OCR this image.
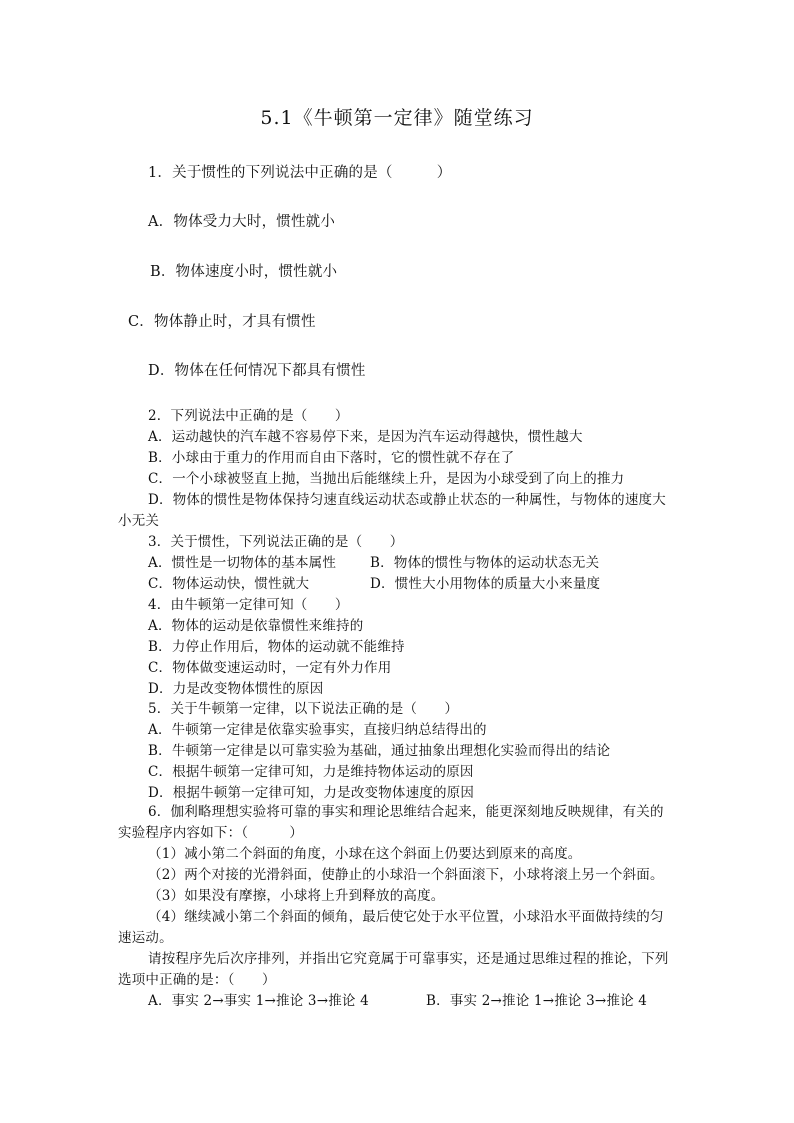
5.1《牛顿第一定律》随堂练习
1．关于惯性的下列说法中正确的是（　　　）
A．物体受力大时，惯性就小
B．物体速度小时，惯性就小
C．物体静止时，才具有惯性
D．物体在任何情况下都具有惯性
2．下列说法中正确的是（　　）
A．运动越快的汽车越不容易停下来，是因为汽车运动得越快，惯性越大
B．小球由于重力的作用而自由下落时，它的惯性就不存在了
C．一个小球被竖直上抛，当抛出后能继续上升，是因为小球受到了向上的推力
D．物体的惯性是物体保持匀速直线运动状态或静止状态的一种属性，与物体的速度大
小无关
3．关于惯性，下列说法正确的是（　　）
A．惯性是一切物体的基本属性	B．物体的惯性与物体的运动状态无关
C．物体运动快，惯性就大	D．惯性大小用物体的质量大小来量度
4．由牛顿第一定律可知（　　）
A．物体的运动是依靠惯性来维持的
B．力停止作用后，物体的运动就不能维持
C．物体做变速运动时，一定有外力作用
D．力是改变物体惯性的原因
5．关于牛顿第一定律，以下说法正确的是（　　）
A．牛顿第一定律是依靠实验事实，直接归纳总结得出的
B．牛顿第一定律是以可靠实验为基础，通过抽象出理想化实验而得出的结论
C．根据牛顿第一定律可知，力是维持物体运动的原因
D．根据牛顿第一定律可知，力是改变物体速度的原因
6．伽利略理想实验将可靠的事实和理论思维结合起来，能更深刻地反映规律，有关的
实验程序内容如下：（　　　）
（1）减小第二个斜面的角度，小球在这个斜面上仍要达到原来的高度。
（2）两个对接的光滑斜面，使静止的小球沿一个斜面滚下，小球将滚上另一个斜面。
（3）如果没有摩擦，小球将上升到释放的高度。
（4）继续减小第二个斜面的倾角，最后使它处于水平位置，小球沿水平面做持续的匀
速运动。
请按程序先后次序排列，并指出它究竟属于可靠事实，还是通过思维过程的推论，下列
选项中正确的是：（　　）
A．事实 2→事实 1→推论 3→推论 4	B．事实 2→推论 1→推论 3→推论 4
